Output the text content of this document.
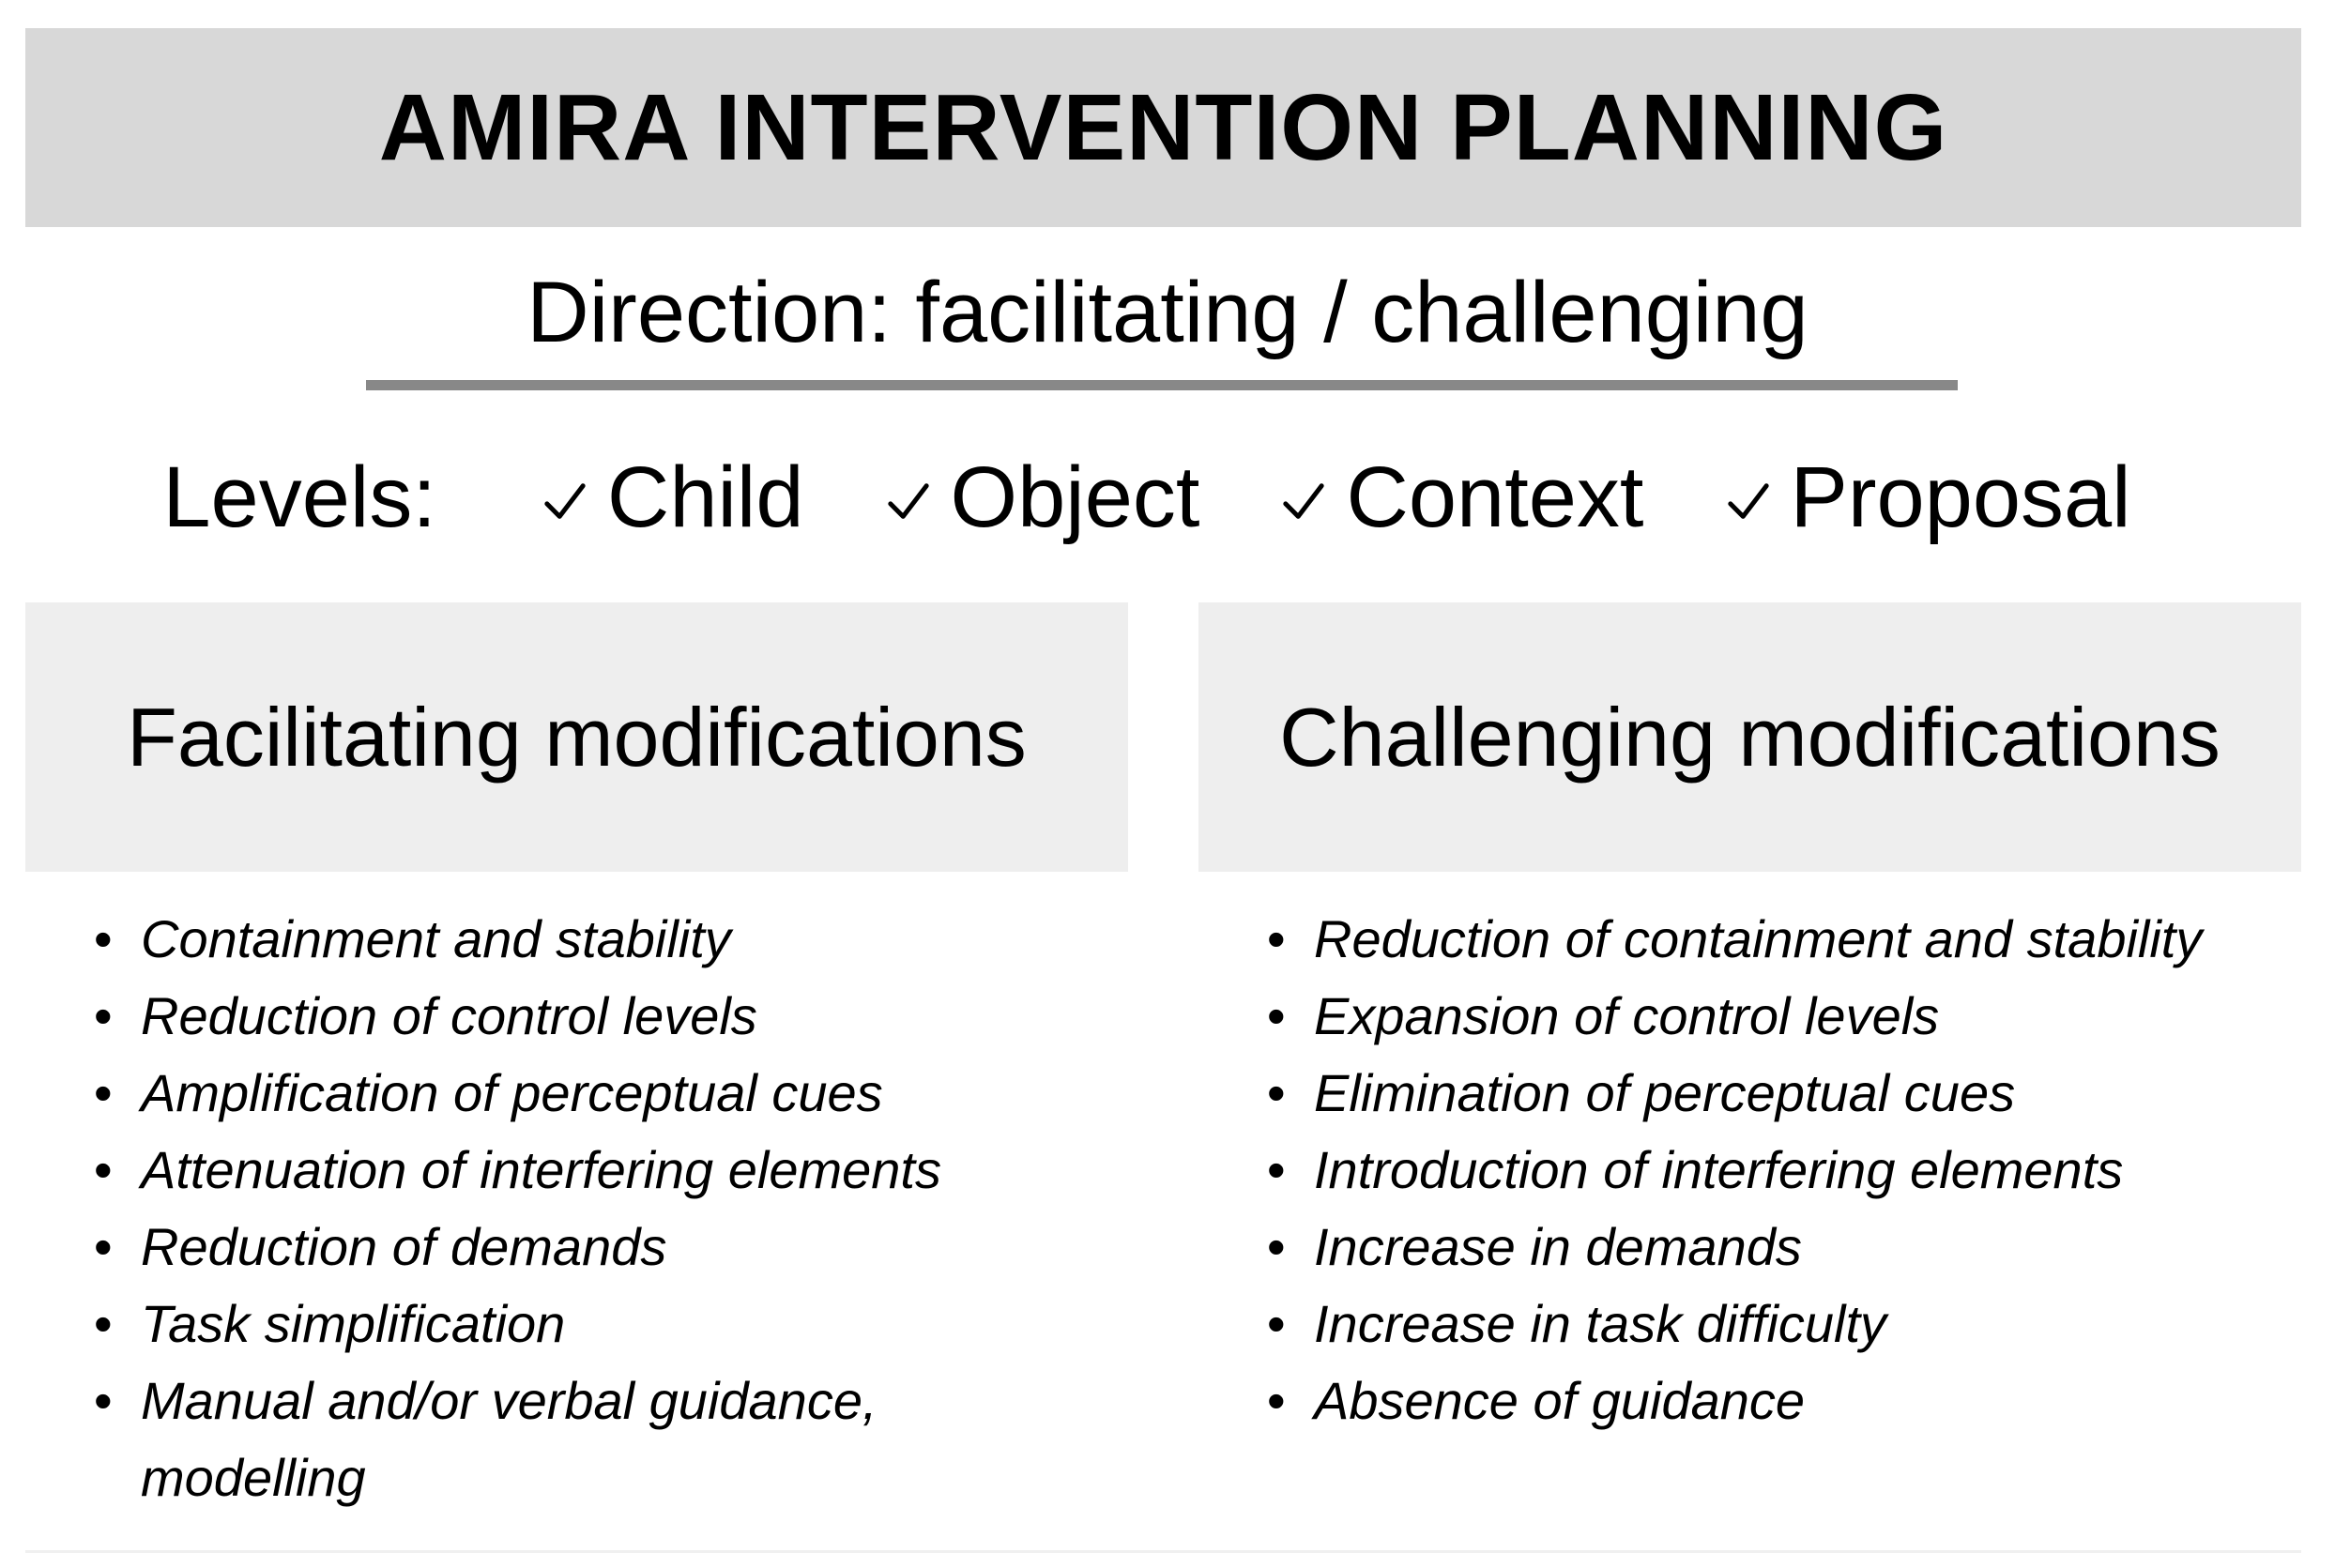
AMIRA INTERVENTION PLANNING
Direction: facilitating / challenging
Levels: Child Object Context Proposal
Facilitating modifications	Challenging modifications
• Containment and stability
• Reduction of control levels
• Amplification of perceptual cues
• Attenuation of interfering elements
• Reduction of demands
• Task simplification
• Manual and/or verbal guidance, modelling
• Reduction of containment and stability
• Expansion of control levels
• Elimination of perceptual cues
• Introduction of interfering elements
• Increase in demands
• Increase in task difficulty
• Absence of guidance
